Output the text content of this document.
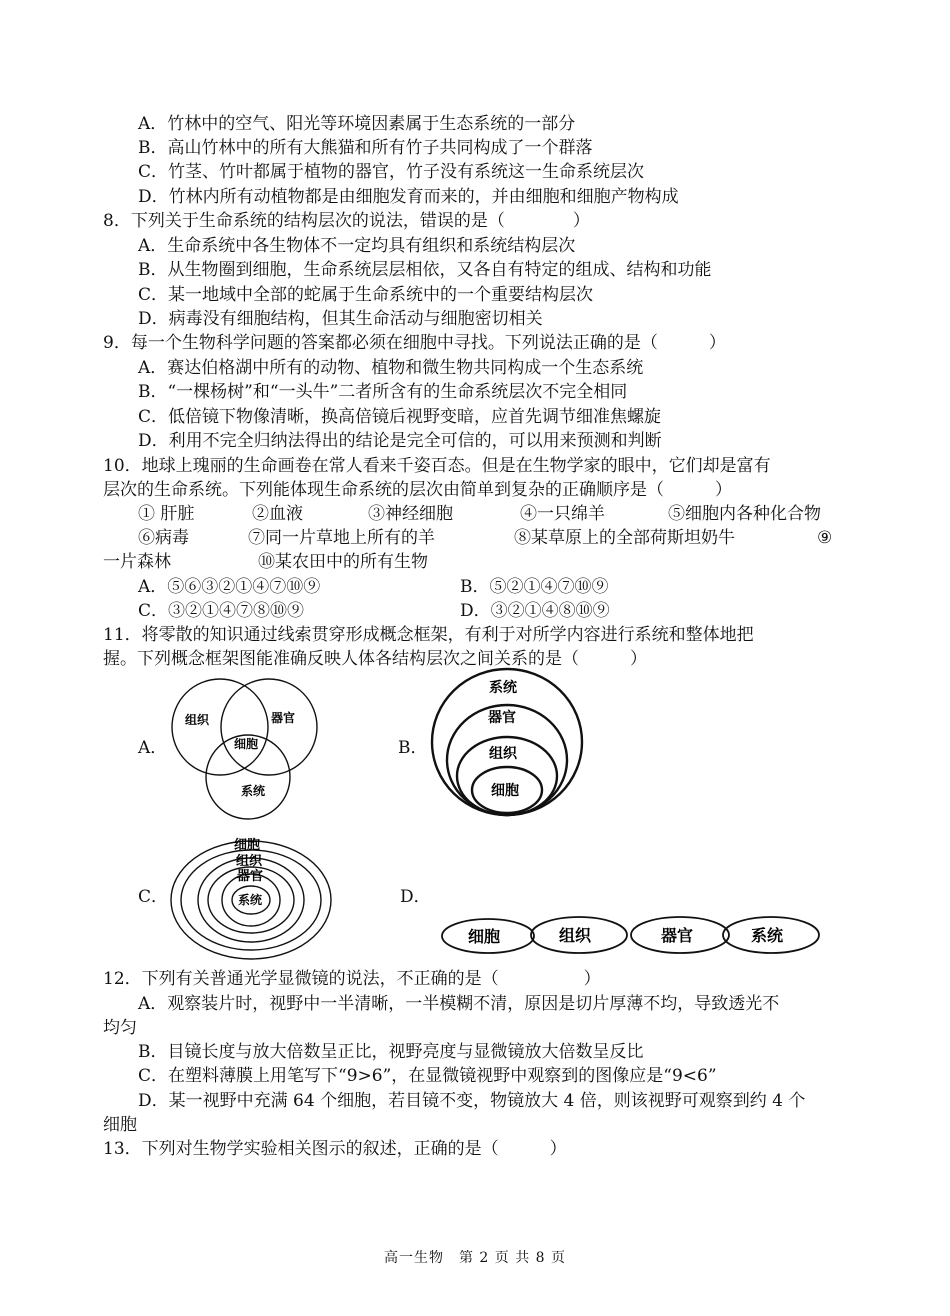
A．竹林中的空气、阳光等环境因素属于生态系统的一部分
B．高山竹林中的所有大熊猫和所有竹子共同构成了一个群落
C．竹茎、竹叶都属于植物的器官，竹子没有系统这一生命系统层次
D．竹林内所有动植物都是由细胞发育而来的，并由细胞和细胞产物构成
8．下列关于生命系统的结构层次的说法，错误的是（　　　　）
A．生命系统中各生物体不一定均具有组织和系统结构层次
B．从生物圈到细胞，生命系统层层相依，又各自有特定的组成、结构和功能
C．某一地域中全部的蛇属于生命系统中的一个重要结构层次
D．病毒没有细胞结构，但其生命活动与细胞密切相关
9．每一个生物科学问题的答案都必须在细胞中寻找。下列说法正确的是（　　　）
A．赛达伯格湖中所有的动物、植物和微生物共同构成一个生态系统
B．“一棵杨树”和“一头牛”二者所含有的生命系统层次不完全相同
C．低倍镜下物像清晰，换高倍镜后视野变暗，应首先调节细准焦螺旋
D．利用不完全归纳法得出的结论是完全可信的，可以用来预测和判断
10．地球上瑰丽的生命画卷在常人看来千姿百态。但是在生物学家的眼中，它们却是富有
层次的生命系统。下列能体现生命系统的层次由简单到复杂的正确顺序是（　　　）
① 肝脏	②血液	③神经细胞	④一只绵羊	⑤细胞内各种化合物
⑥病毒	⑦同一片草地上所有的羊	⑧某草原上的全部荷斯坦奶牛	⑨
一片森林	⑩某农田中的所有生物
A．⑤⑥③②①④⑦⑩⑨	B．⑤②①④⑦⑩⑨
C．③②①④⑦⑧⑩⑨	D．③②①④⑧⑩⑨
11．将零散的知识通过线索贯穿形成概念框架，有利于对所学内容进行系统和整体地把
握。下列概念框架图能准确反映人体各结构层次之间关系的是（　　　）
A．
组织	器官
细胞
系统
B．
系统
器官
组织
细胞
C．
细胞
组织
器官
系统	D．
细胞	组织	器官	系统
12．下列有关普通光学显微镜的说法，不正确的是（　　　　　）
A．观察装片时，视野中一半清晰，一半模糊不清，原因是切片厚薄不均，导致透光不
均匀
B．目镜长度与放大倍数呈正比，视野亮度与显微镜放大倍数呈反比
C．在塑料薄膜上用笔写下“9>6”，在显微镜视野中观察到的图像应是“9<6”
D．某一视野中充满 64 个细胞，若目镜不变，物镜放大 4 倍，则该视野可观察到约 4 个
细胞
13．下列对生物学实验相关图示的叙述，正确的是（　　　）
高一生物　第 2 页 共 8 页
